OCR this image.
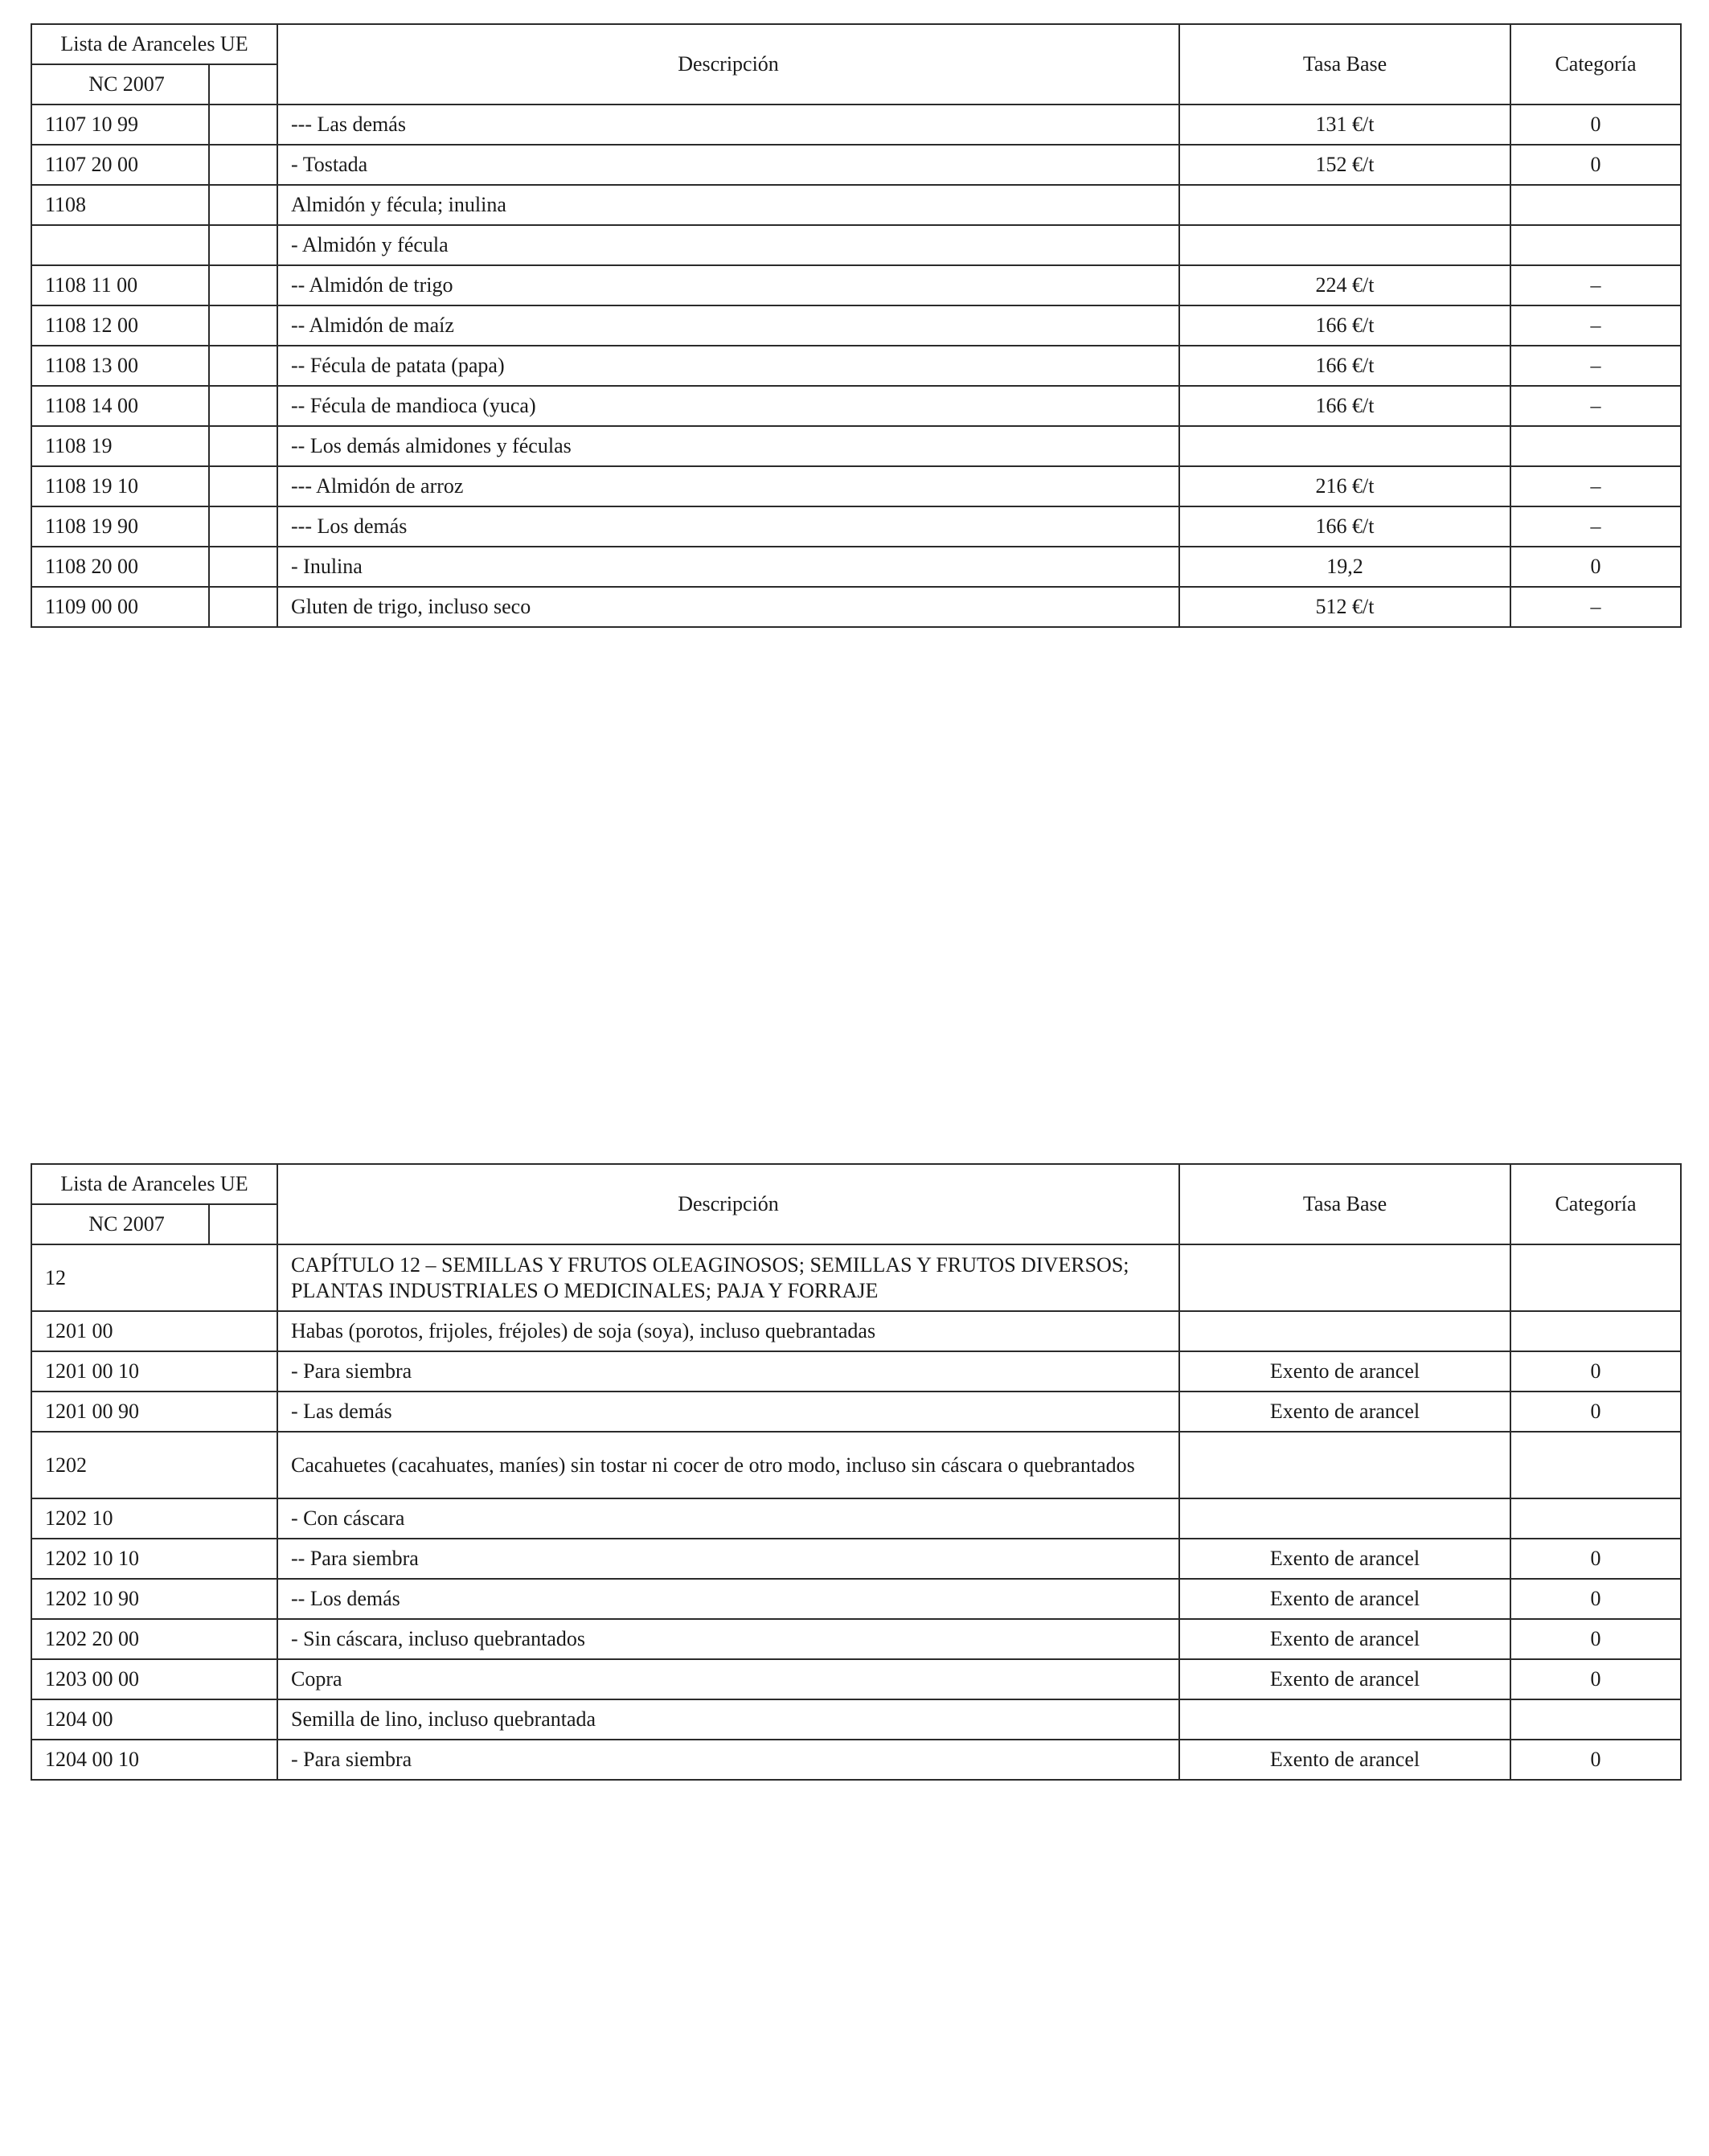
Lista de Aranceles UE		Descripción	Tasa Base	Categoría
NC 2007				
1107 10 99		--- Las demás	131 €/t	0
1107 20 00		- Tostada	152 €/t	0
1108		Almidón y fécula; inulina		
		- Almidón y fécula		
1108 11 00		-- Almidón de trigo	224 €/t	–
1108 12 00		-- Almidón de maíz	166 €/t	–
1108 13 00		-- Fécula de patata (papa)	166 €/t	–
1108 14 00		-- Fécula de mandioca (yuca)	166 €/t	–
1108 19		-- Los demás almidones y féculas		
1108 19 10		--- Almidón de arroz	216 €/t	–
1108 19 90		--- Los demás	166 €/t	–
1108 20 00		- Inulina	19,2	0
1109 00 00		Gluten de trigo, incluso seco	512 €/t	–
Lista de Aranceles UE		Descripción	Tasa Base	Categoría
NC 2007				
12		CAPÍTULO 12 – SEMILLAS Y FRUTOS OLEAGINOSOS; SEMILLAS Y FRUTOS DIVERSOS; PLANTAS INDUSTRIALES O MEDICINALES; PAJA Y FORRAJE		
1201 00		Habas (porotos, frijoles, fréjoles) de soja (soya), incluso quebrantadas		
1201 00 10		- Para siembra	Exento de arancel	0
1201 00 90		- Las demás	Exento de arancel	0
1202		Cacahuetes (cacahuates, maníes) sin tostar ni cocer de otro modo, incluso sin cáscara o quebrantados		
1202 10		- Con cáscara		
1202 10 10		-- Para siembra	Exento de arancel	0
1202 10 90		-- Los demás	Exento de arancel	0
1202 20 00		- Sin cáscara, incluso quebrantados	Exento de arancel	0
1203 00 00		Copra	Exento de arancel	0
1204 00		Semilla de lino, incluso quebrantada		
1204 00 10		- Para siembra	Exento de arancel	0
